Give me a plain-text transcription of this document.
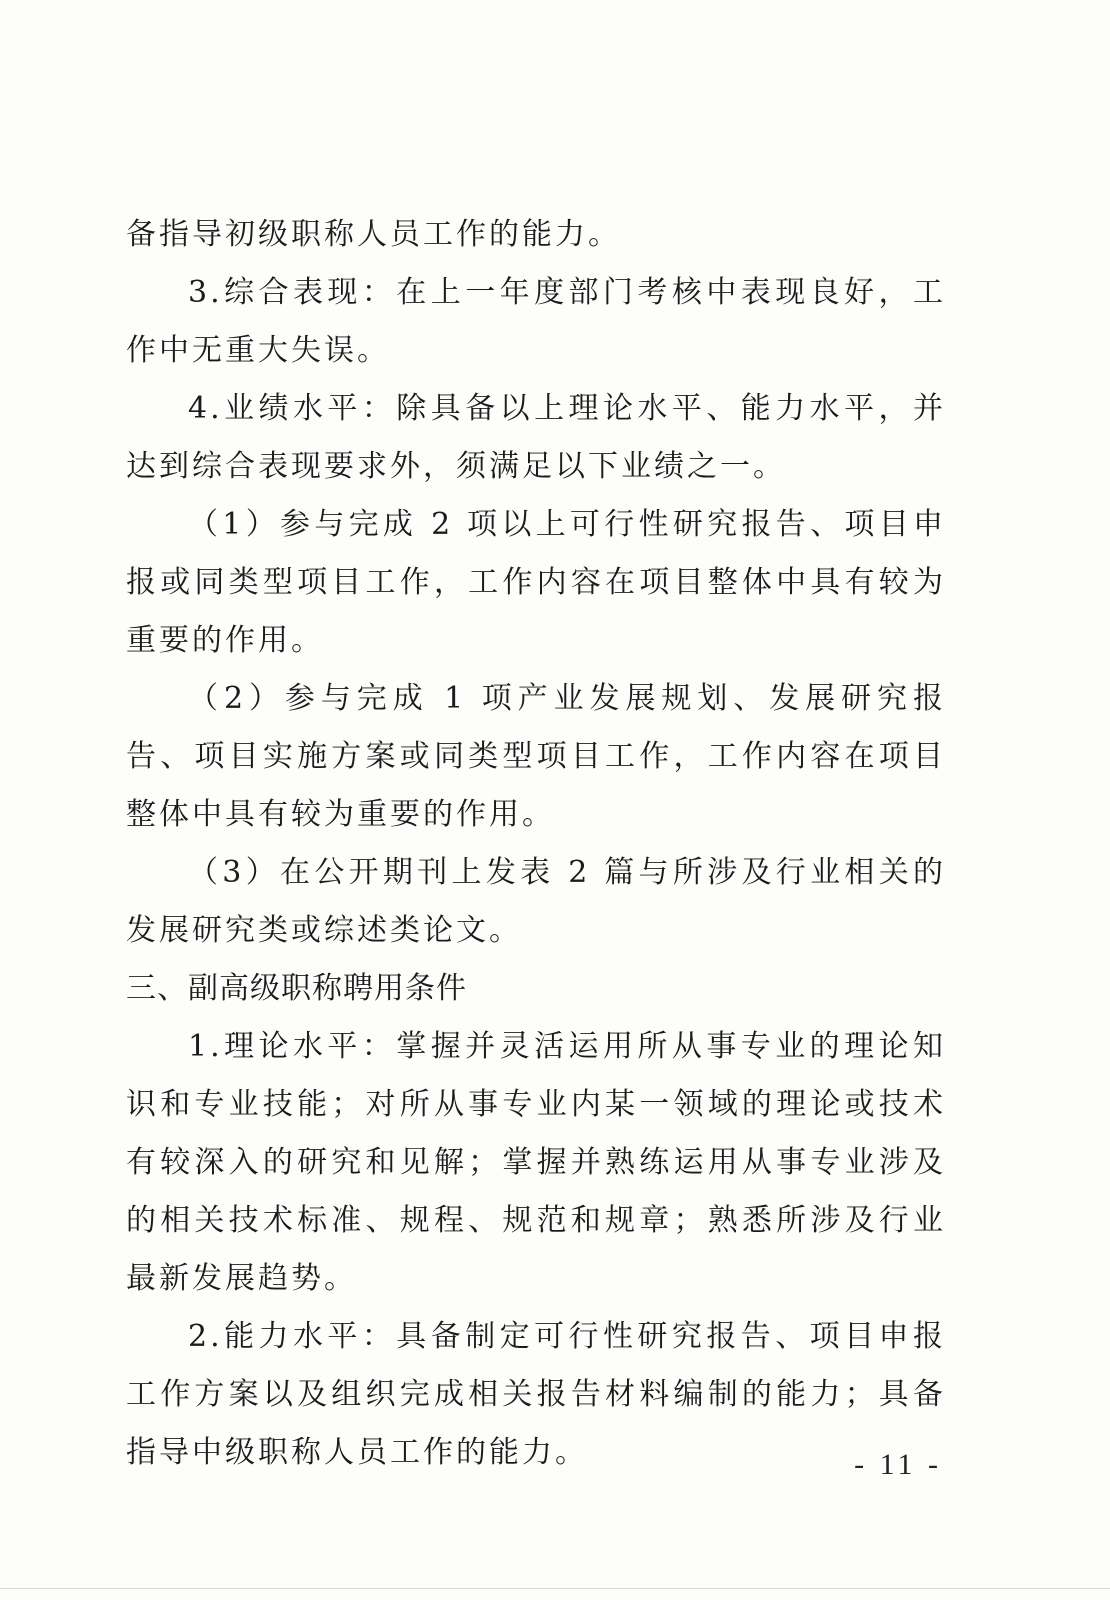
备指导初级职称人员工作的能力。

3.综合表现：在上一年度部门考核中表现良好，工作中无重大失误。

4.业绩水平：除具备以上理论水平、能力水平，并达到综合表现要求外，须满足以下业绩之一。

（1）参与完成 2 项以上可行性研究报告、项目申报或同类型项目工作，工作内容在项目整体中具有较为重要的作用。

（2）参与完成 1 项产业发展规划、发展研究报告、项目实施方案或同类型项目工作，工作内容在项目整体中具有较为重要的作用。

（3）在公开期刊上发表 2 篇与所涉及行业相关的发展研究类或综述类论文。

三、副高级职称聘用条件

1.理论水平：掌握并灵活运用所从事专业的理论知识和专业技能；对所从事专业内某一领域的理论或技术有较深入的研究和见解；掌握并熟练运用从事专业涉及的相关技术标准、规程、规范和规章；熟悉所涉及行业最新发展趋势。

2.能力水平：具备制定可行性研究报告、项目申报工作方案以及组织完成相关报告材料编制的能力；具备指导中级职称人员工作的能力。	- 11 -
